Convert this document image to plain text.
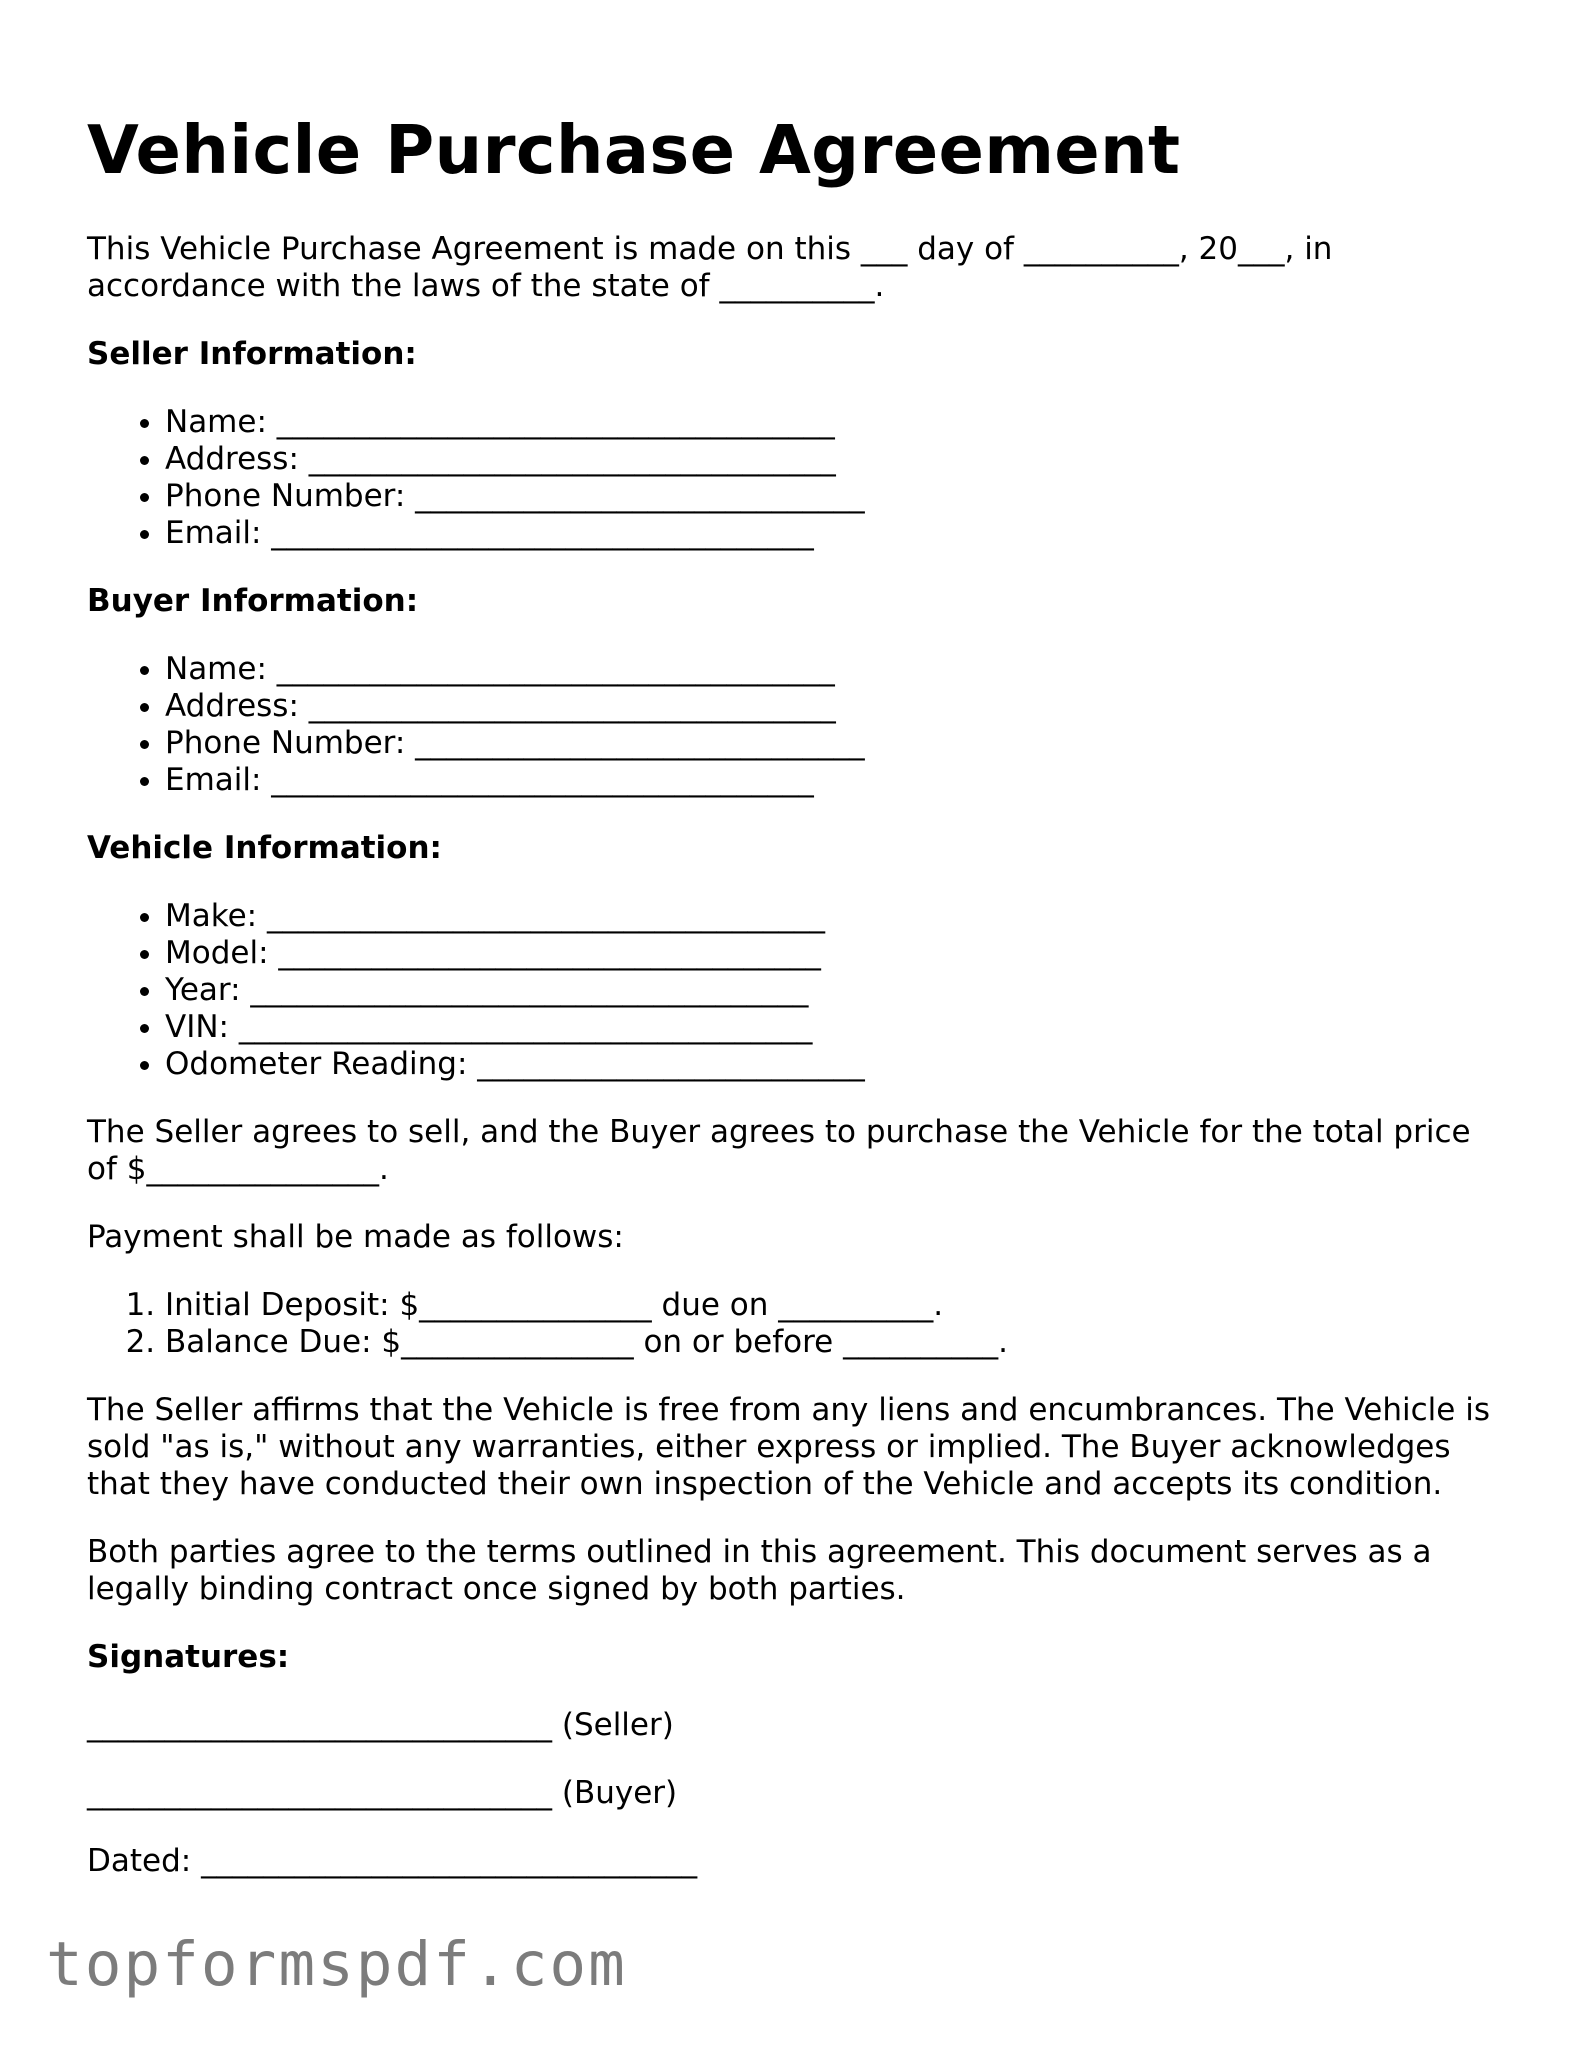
Vehicle Purchase Agreement

This Vehicle Purchase Agreement is made on this ___ day of __________, 20___, in accordance with the laws of the state of __________.

Seller Information:
• Name: ____________________________________
• Address: __________________________________
• Phone Number: _____________________________
• Email: ___________________________________
Buyer Information:
• Name: ____________________________________
• Address: __________________________________
• Phone Number: _____________________________
• Email: ___________________________________
Vehicle Information:
• Make: ____________________________________
• Model: ___________________________________
• Year: ____________________________________
• VIN: _____________________________________
• Odometer Reading: _________________________

The Seller agrees to sell, and the Buyer agrees to purchase the Vehicle for the total price of $_______________.

Payment shall be made as follows:

1. Initial Deposit: $_______________ due on __________.
2. Balance Due: $_______________ on or before __________.

The Seller affirms that the Vehicle is free from any liens and encumbrances. The Vehicle is sold "as is," without any warranties, either express or implied. The Buyer acknowledges that they have conducted their own inspection of the Vehicle and accepts its condition.

Both parties agree to the terms outlined in this agreement. This document serves as a legally binding contract once signed by both parties.

Signatures:
______________________________ (Seller)
______________________________ (Buyer)
Dated: ________________________________
topformspdf.com
